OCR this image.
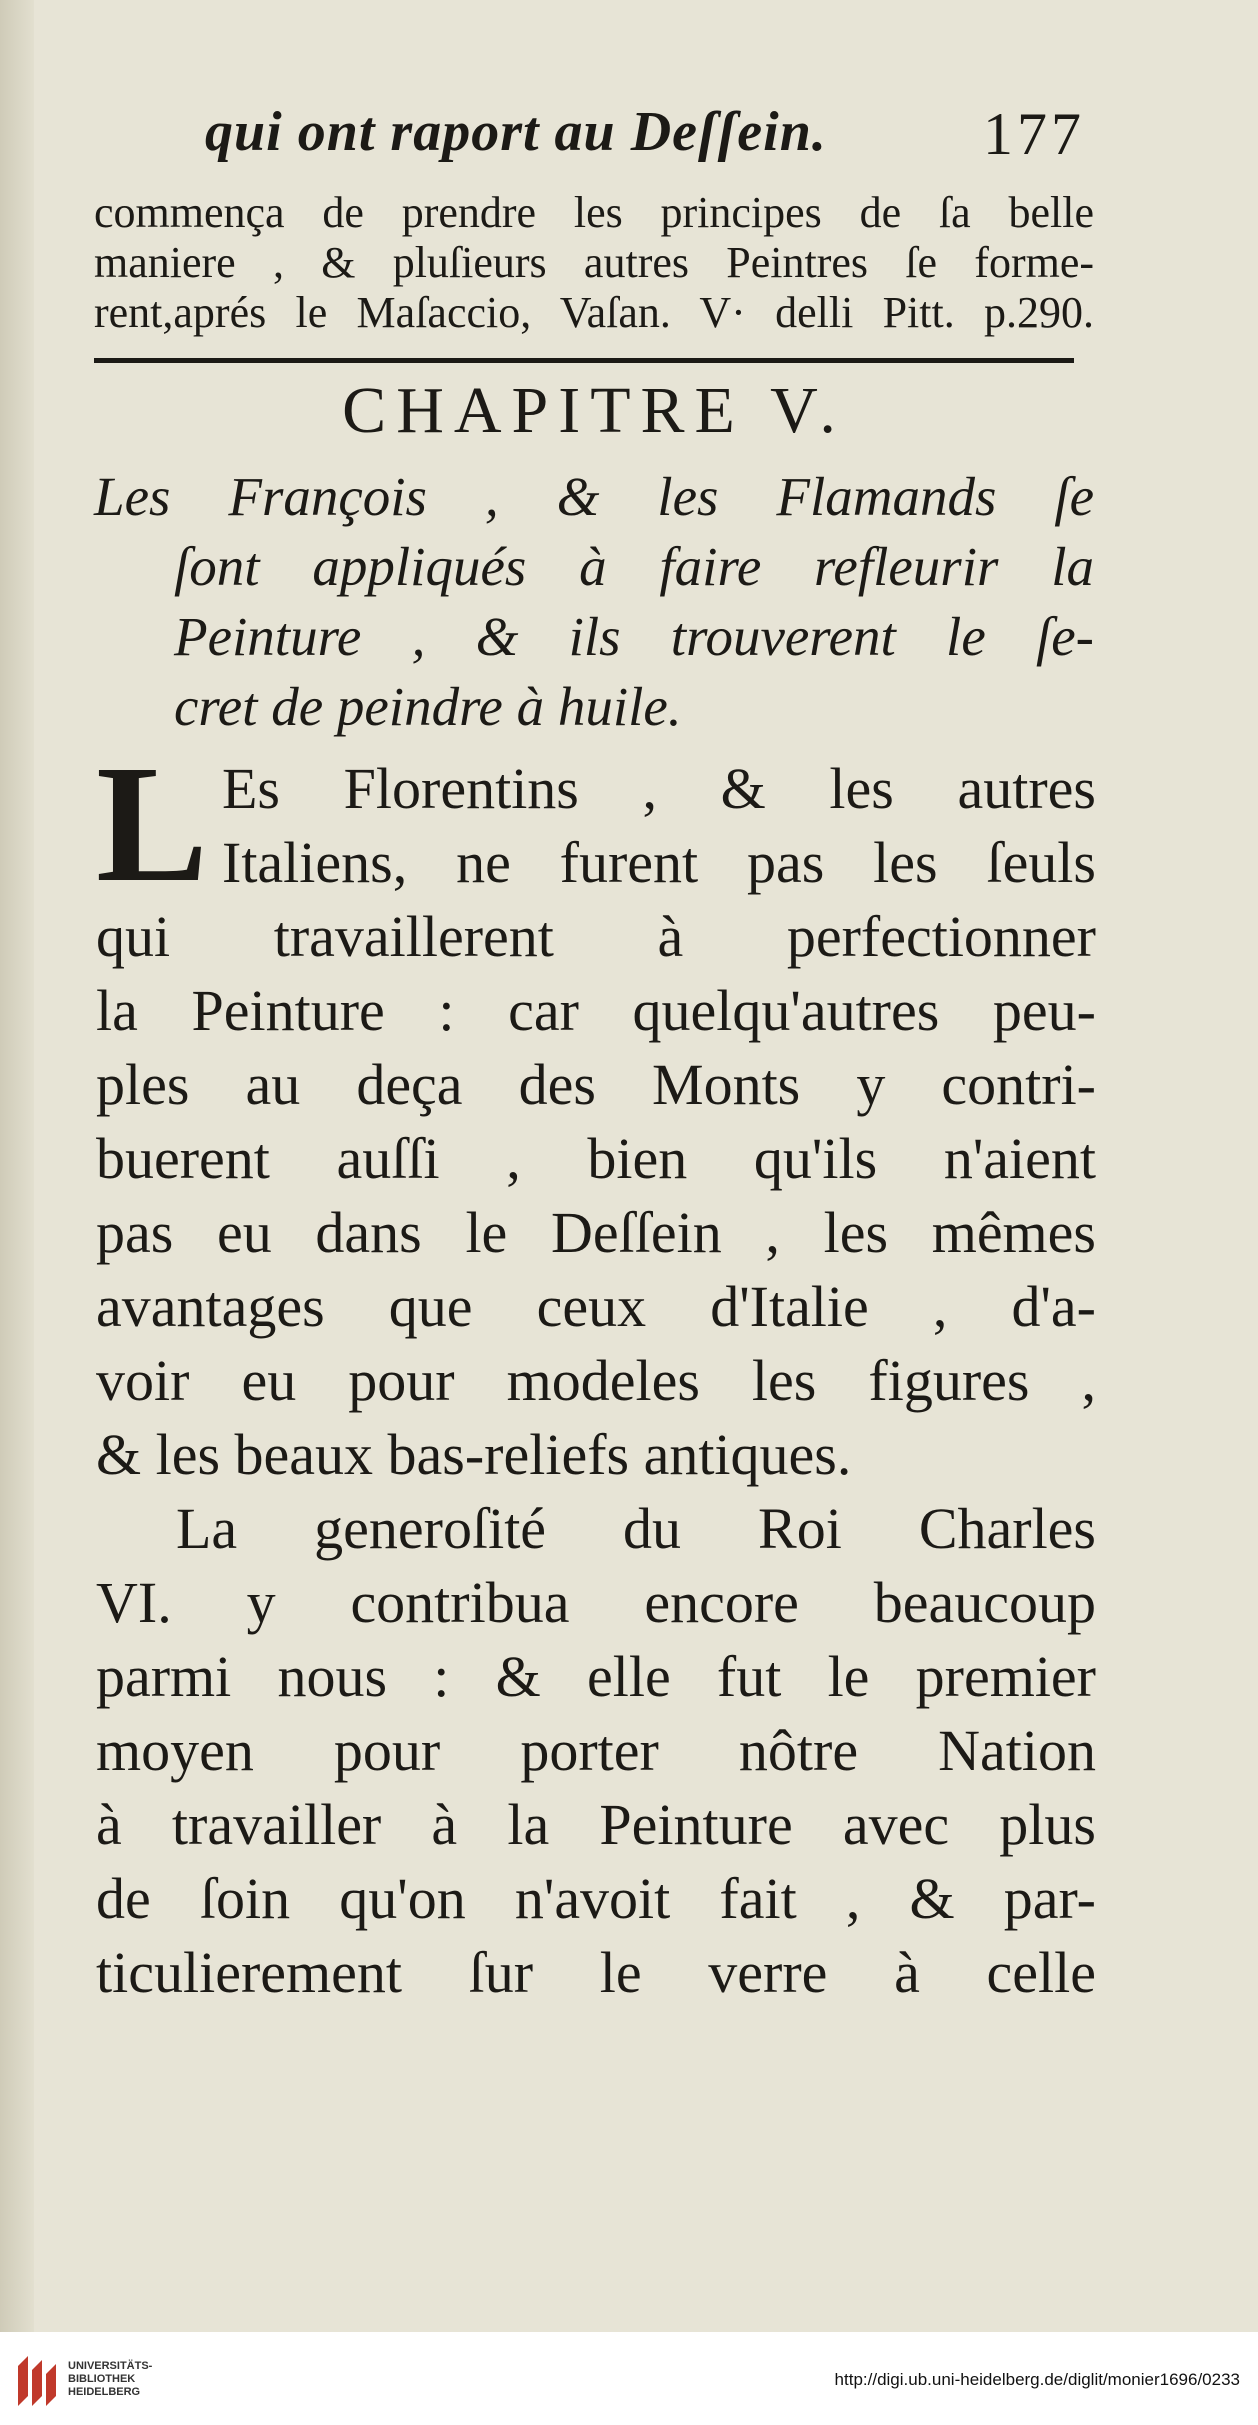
qui ont raport au Deſſein.	177
commença de prendre les principes de ſa belle
maniere , & pluſieurs autres Peintres ſe forme-
rent,aprés le Maſaccio, Vaſan. V· delli Pitt. p.290.
CHAPITRE V.
Les François , & les Flamands ſe
ſont appliqués à faire refleurir la
Peinture , & ils trouverent le ſe-
cret de peindre à huile.
L Es Florentins , & les autres
Italiens, ne furent pas les ſeuls
qui travaillerent à perfectionner
la Peinture : car quelqu'autres peu-
ples au deça des Monts y contri-
buerent auſſi , bien qu'ils n'aient
pas eu dans le Deſſein , les mêmes
avantages que ceux d'Italie , d'a-
voir eu pour modeles les figures ,
& les beaux bas-reliefs antiques.
La generoſité du Roi Charles
VI. y contribua encore beaucoup
parmi nous : & elle fut le premier
moyen pour porter nôtre Nation
à travailler à la Peinture avec plus
de ſoin qu'on n'avoit fait , & par-
ticulierement ſur le verre à celle
UNIVERSITÄTS-
BIBLIOTHEK
HEIDELBERG
http://digi.ub.uni-heidelberg.de/diglit/monier1696/0233
